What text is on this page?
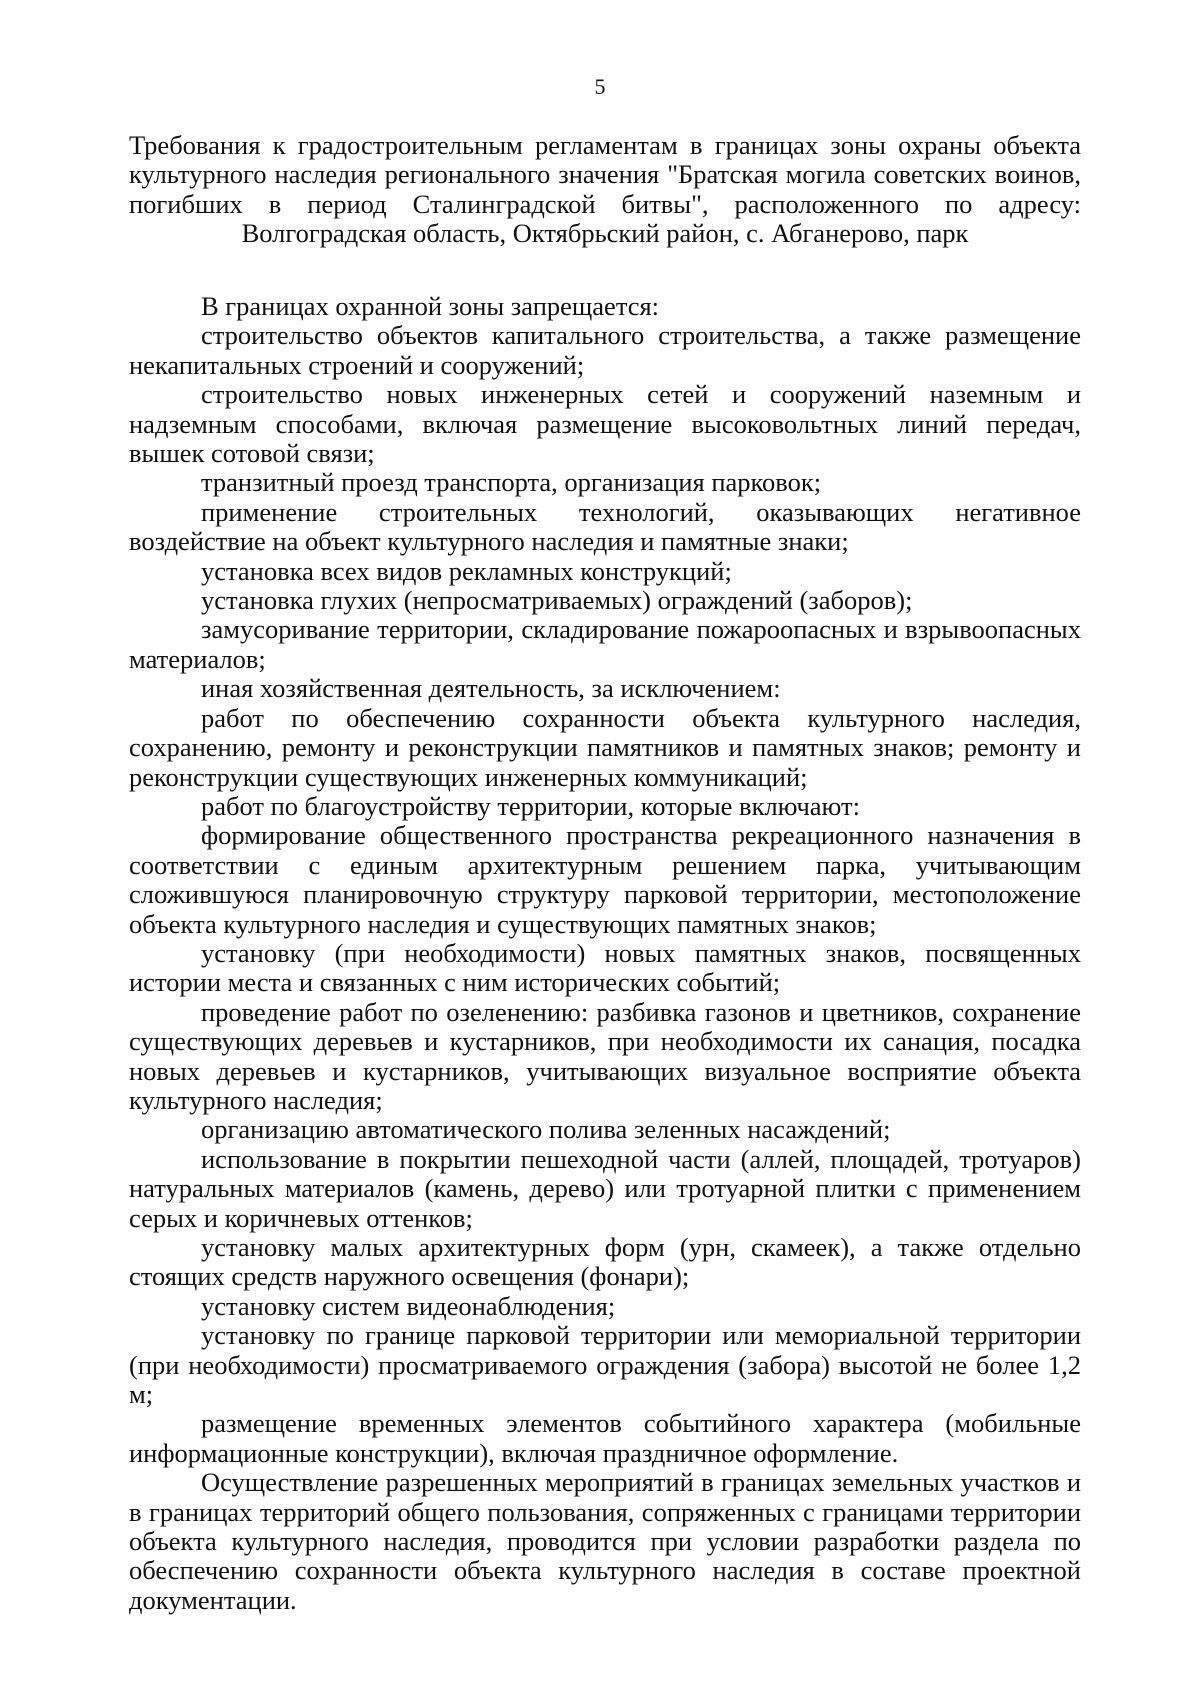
5

Требования к градостроительным регламентам в границах зоны охраны объекта культурного наследия регионального значения "Братская могила советских воинов, погибших в период Сталинградской битвы", расположенного по адресу: Волгоградская область, Октябрьский район, с. Абганерово, парк

В границах охранной зоны запрещается:

строительство объектов капитального строительства, а также размещение некапитальных строений и сооружений;

строительство новых инженерных сетей и сооружений наземным и надземным способами, включая размещение высоковольтных линий передач, вышек сотовой связи;

транзитный проезд транспорта, организация парковок;

применение строительных технологий, оказывающих негативное воздействие на объект культурного наследия и памятные знаки;

установка всех видов рекламных конструкций;

установка глухих (непросматриваемых) ограждений (заборов);

замусоривание территории, складирование пожароопасных и взрывоопасных материалов;

иная хозяйственная деятельность, за исключением:

работ по обеспечению сохранности объекта культурного наследия, сохранению, ремонту и реконструкции памятников и памятных знаков; ремонту и реконструкции существующих инженерных коммуникаций;

работ по благоустройству территории, которые включают:

формирование общественного пространства рекреационного назначения в соответствии с единым архитектурным решением парка, учитывающим сложившуюся планировочную структуру парковой территории, местоположение объекта культурного наследия и существующих памятных знаков;

установку (при необходимости) новых памятных знаков, посвященных истории места и связанных с ним исторических событий;

проведение работ по озеленению: разбивка газонов и цветников, сохранение существующих деревьев и кустарников, при необходимости их санация, посадка новых деревьев и кустарников, учитывающих визуальное восприятие объекта культурного наследия;

организацию автоматического полива зеленных насаждений;

использование в покрытии пешеходной части (аллей, площадей, тротуаров) натуральных материалов (камень, дерево) или тротуарной плитки с применением серых и коричневых оттенков;

установку малых архитектурных форм (урн, скамеек), а также отдельно стоящих средств наружного освещения (фонари);

установку систем видеонаблюдения;

установку по границе парковой территории или мемориальной территории (при необходимости) просматриваемого ограждения (забора) высотой не более 1,2 м;

размещение временных элементов событийного характера (мобильные информационные конструкции), включая праздничное оформление.

Осуществление разрешенных мероприятий в границах земельных участков и в границах территорий общего пользования, сопряженных с границами территории объекта культурного наследия, проводится при условии разработки раздела по обеспечению сохранности объекта культурного наследия в составе проектной документации.
